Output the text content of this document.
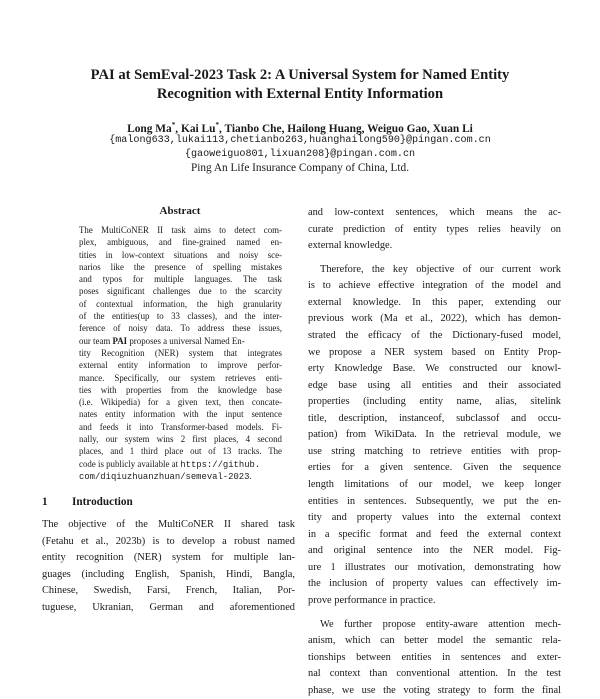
PAI at SemEval-2023 Task 2: A Universal System for Named Entity
Recognition with External Entity Information
Long Ma*, Kai Lu*, Tianbo Che, Hailong Huang, Weiguo Gao, Xuan Li
{malong633,lukai113,chetianbo263,huanghailong590}@pingan.com.cn
{gaoweiguo801,lixuan208}@pingan.com.cn
Ping An Life Insurance Company of China, Ltd.
Abstract
The MultiCoNER II task aims to detect com-
plex, ambiguous, and fine-grained named en-
tities in low-context situations and noisy sce-
narios like the presence of spelling mistakes
and typos for multiple languages. The task
poses significant challenges due to the scarcity
of contextual information, the high granularity
of the entities(up to 33 classes), and the inter-
ference of noisy data. To address these issues,
our team PAI proposes a universal Named En-
tity Recognition (NER) system that integrates
external entity information to improve perfor-
mance. Specifically, our system retrieves enti-
ties with properties from the knowledge base
(i.e. Wikipedia) for a given text, then concate-
nates entity information with the input sentence
and feeds it into Transformer-based models. Fi-
nally, our system wins 2 first places, 4 second
places, and 1 third place out of 13 tracks. The
code is publicly available at https://github.
com/diqiuzhuanzhuan/semeval-2023.
1 Introduction
The objective of the MultiCoNER II shared task
(Fetahu et al., 2023b) is to develop a robust named
entity recognition (NER) system for multiple lan-
guages (including English, Spanish, Hindi, Bangla,
Chinese, Swedish, Farsi, French, Italian, Por-
tuguese, Ukranian, German and aforementioned
and low-context sentences, which means the ac-
curate prediction of entity types relies heavily on
external knowledge.
Therefore, the key objective of our current work
is to achieve effective integration of the model and
external knowledge. In this paper, extending our
previous work (Ma et al., 2022), which has demon-
strated the efficacy of the Dictionary-fused model,
we propose a NER system based on Entity Prop-
erty Knowledge Base. We constructed our knowl-
edge base using all entities and their associated
properties (including entity name, alias, sitelink
title, description, instanceof, subclassof and occu-
pation) from WikiData. In the retrieval module, we
use string matching to retrieve entities with prop-
erties for a given sentence. Given the sequence
length limitations of our model, we keep longer
entities in sentences. Subsequently, we put the en-
tity and property values into the external context
in a specific format and feed the external context
and original sentence into the NER model. Fig-
ure 1 illustrates our motivation, demonstrating how
the inclusion of property values can effectively im-
prove performance in practice.
We further propose entity-aware attention mech-
anism, which can better model the semantic rela-
tionships between entities in sentences and exter-
nal context than conventional attention. In the test
phase, we use the voting strategy to form the final
